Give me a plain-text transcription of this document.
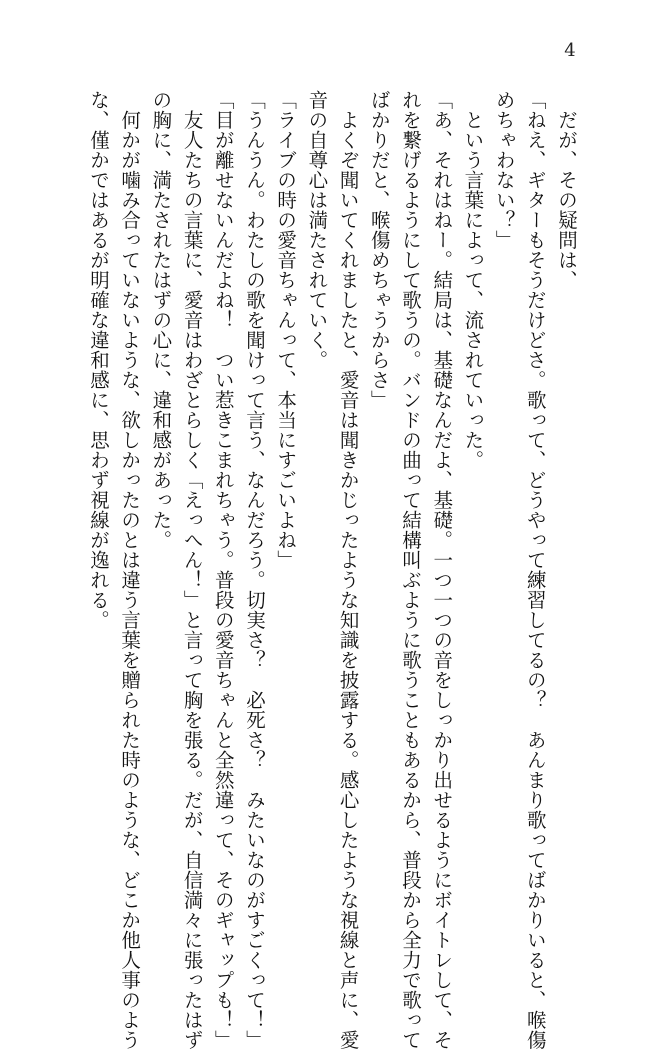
4
　だが、その疑問は、
「ねえ、ギターもそうだけどさ。歌って、どうやって練習してるの？　あんまり歌ってばかりいると、喉傷
めちゃわない？」
　という言葉によって、流されていった。
「あ、それはねー。結局は、基礎なんだよ、基礎。一つ一つの音をしっかり出せるようにボイトレして、そ
れを繋げるようにして歌うの。バンドの曲って結構叫ぶように歌うこともあるから、普段から全力で歌って
ばかりだと、喉傷めちゃうからさ」
　よくぞ聞いてくれましたと、愛音は聞きかじったような知識を披露する。感心したような視線と声に、愛
音の自尊心は満たされていく。
「ライブの時の愛音ちゃんって、本当にすごいよね」
「うんうん。わたしの歌を聞けって言う、なんだろう。切実さ？　必死さ？　みたいなのがすごくって！」
「目が離せないんだよね！　つい惹きこまれちゃう。普段の愛音ちゃんと全然違って、そのギャップも！」
　友人たちの言葉に、愛音はわざとらしく「えっへん！」と言って胸を張る。だが、自信満々に張ったはず
の胸に、満たされたはずの心に、違和感があった。
　何かが噛み合っていないような、欲しかったのとは違う言葉を贈られた時のような、どこか他人事のよう
な、僅かではあるが明確な違和感に、思わず視線が逸れる。
